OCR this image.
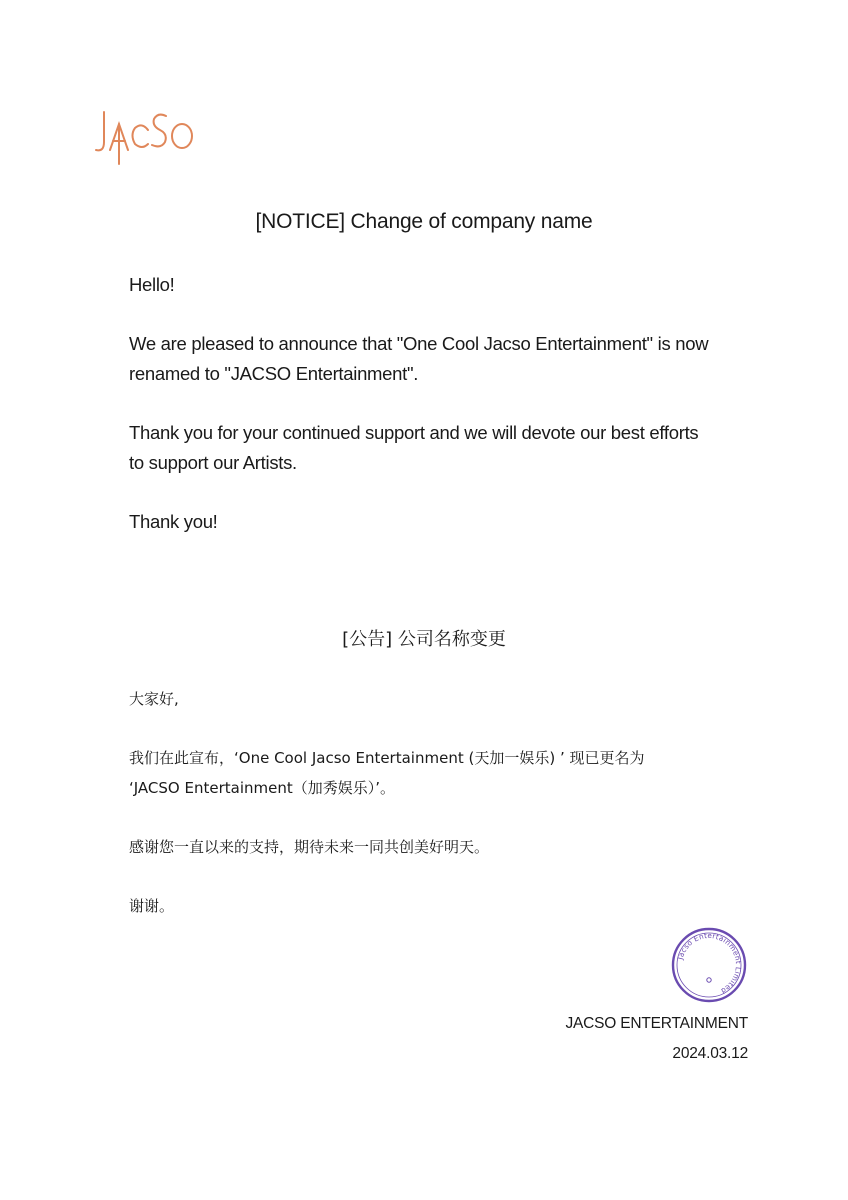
[NOTICE] Change of company name

Hello!

We are pleased to announce that "One Cool Jacso Entertainment" is now
renamed to "JACSO Entertainment".

Thank you for your continued support and we will devote our best efforts
to support our Artists.

Thank you!

[公告] 公司名称变更

大家好,

我们在此宣布，‘One Cool Jacso Entertainment (天加一娱乐) ’ 现已更名为
‘JACSO Entertainment（加秀娱乐）’。

感谢您一直以来的支持，期待未来一同共创美好明天。

谢谢。

Jacso Entertainment Limited
JACSO ENTERTAINMENT
2024.03.12
